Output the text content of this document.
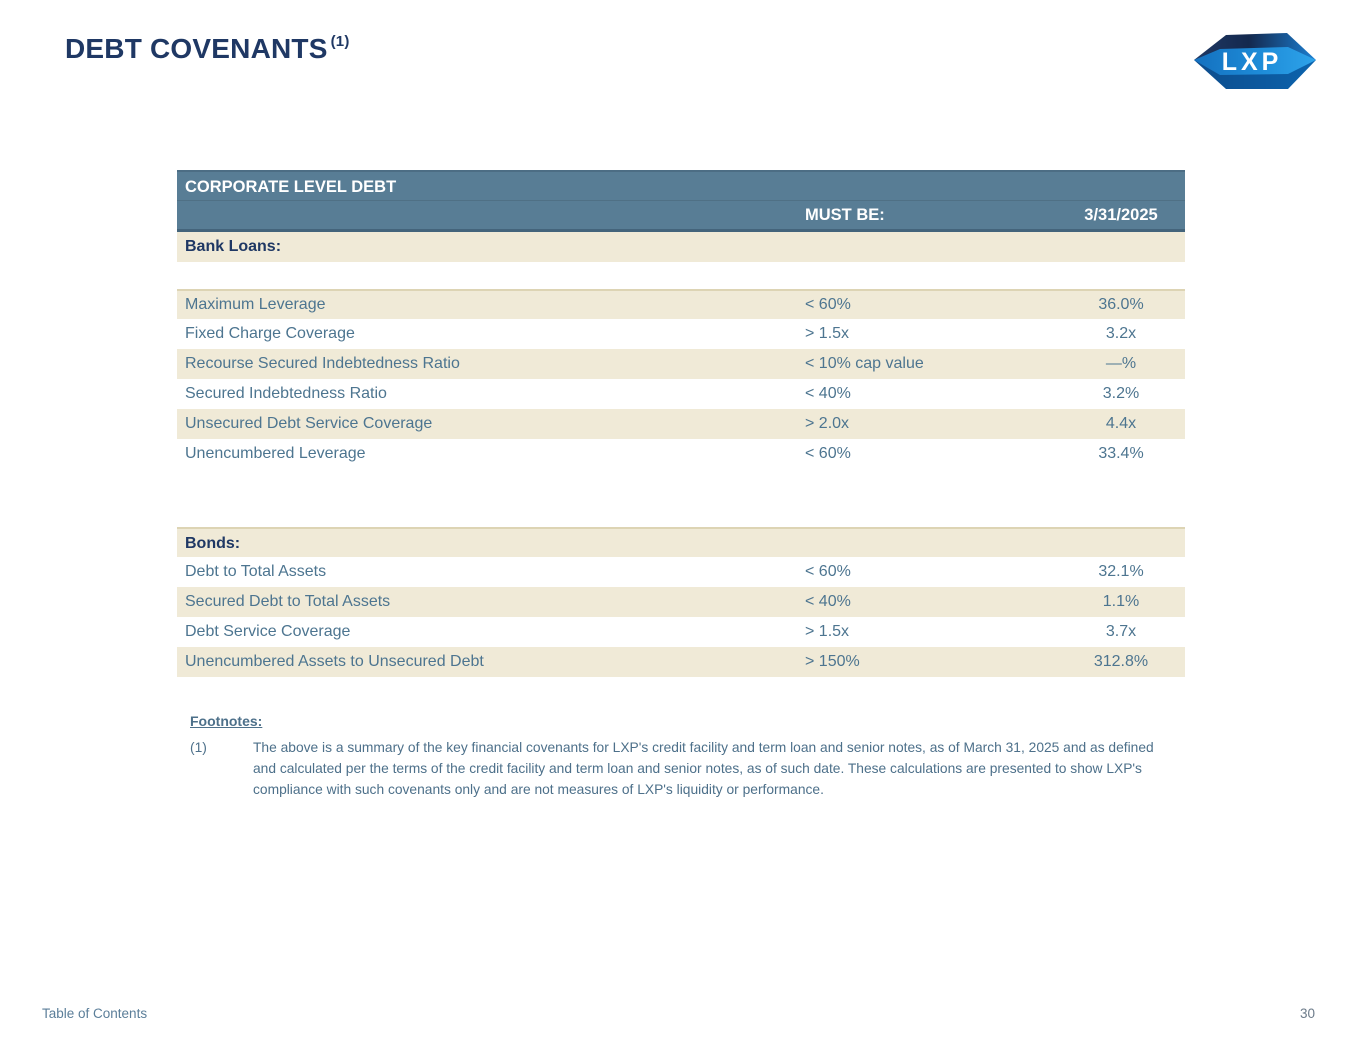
DEBT COVENANTS $^{(1)}$
LXP
CORPORATE LEVEL DEBT
MUST BE:	3/31/2025
Bank Loans:
Maximum Leverage	< 60%	36.0%
Fixed Charge Coverage	> 1.5x	3.2x
Recourse Secured Indebtedness Ratio	< 10% cap value	—%
Secured Indebtedness Ratio	< 40%	3.2%
Unsecured Debt Service Coverage	> 2.0x	4.4x
Unencumbered Leverage	< 60%	33.4%
Bonds:
Debt to Total Assets	< 60%	32.1%
Secured Debt to Total Assets	< 40%	1.1%
Debt Service Coverage	> 1.5x	3.7x
Unencumbered Assets to Unsecured Debt	> 150%	312.8%
Footnotes:
(1)	The above is a summary of the key financial covenants for LXP's credit facility and term loan and senior notes, as of March 31, 2025 and as defined and calculated per the terms of the credit facility and term loan and senior notes, as of such date. These calculations are presented to show LXP's compliance with such covenants only and are not measures of LXP's liquidity or performance.
Table of Contents	30
